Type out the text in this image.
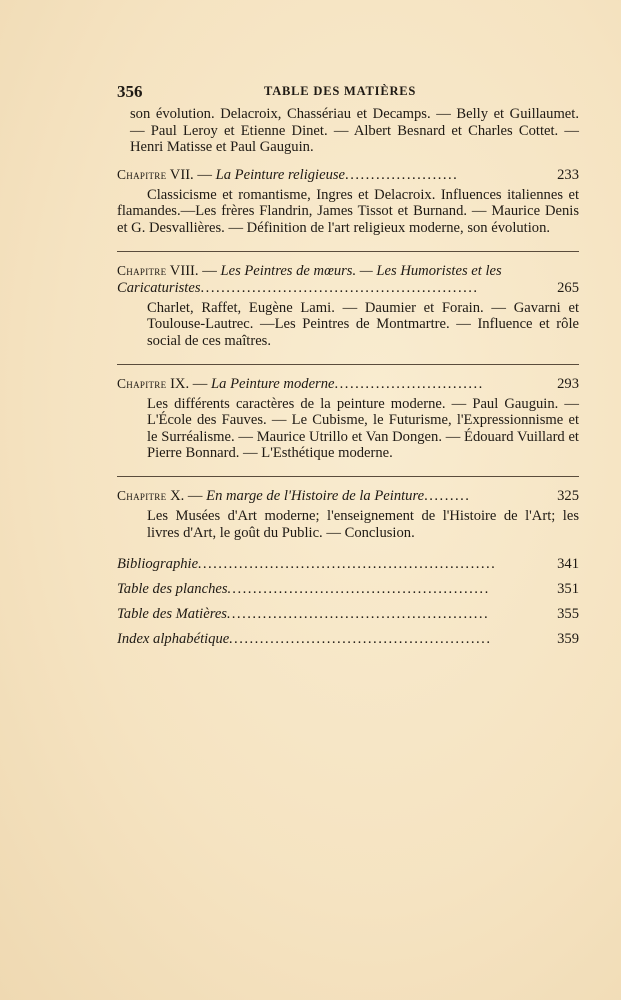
356	TABLE DES MATIÈRES

son évolution. Delacroix, Chassériau et Decamps. — Belly et Guillaumet. — Paul Leroy et Etienne Dinet. — Albert Besnard et Charles Cottet. — Henri Matisse et Paul Gauguin.

Chapitre VII. — La Peinture religieuse......................	233

Classicisme et romantisme, Ingres et Delacroix. Influences italiennes et flamandes.—Les frères Flandrin, James Tissot et Burnand. — Maurice Denis et G. Desvallières. — Définition de l'art religieux moderne, son évolution.

Chapitre VIII. — Les Peintres de mœurs. — Les Humoristes et les Caricaturistes......................................................	265

Charlet, Raffet, Eugène Lami. — Daumier et Forain. — Gavarni et Toulouse-Lautrec. —Les Peintres de Montmartre. — Influence et rôle social de ces maîtres.

Chapitre IX. — La Peinture moderne.............................	293

Les différents caractères de la peinture moderne. — Paul Gauguin. — L'École des Fauves. — Le Cubisme, le Futurisme, l'Expressionnisme et le Surréalisme. — Maurice Utrillo et Van Dongen. — Édouard Vuillard et Pierre Bonnard. — L'Esthétique moderne.

Chapitre X. — En marge de l'Histoire de la Peinture.........	325

Les Musées d'Art moderne; l'enseignement de l'Histoire de l'Art; les livres d'Art, le goût du Public. — Conclusion.

Bibliographie..........................................................	341
Table des planches...................................................	351
Table des Matières...................................................	355
Index alphabétique...................................................	359
